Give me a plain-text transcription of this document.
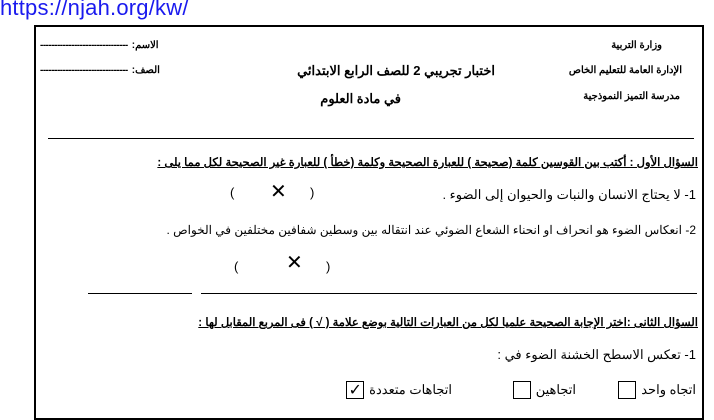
https://njah.org/kw/
وزارة التربية
الإدارة العامة للتعليم الخاص
مدرسة التميز النموذجية
اختبار تجريبي 2 للصف الرابع الابتدائي
في مادة العلوم
------------------------------- الاسم:
------------------------------- الصف:
السؤال الأول : أكتب بين القوسين كلمة (صحيحة ) للعبارة الصحيحة وكلمة (خطأ ) للعبارة غير الصحيحة لكل مما يلى :
1- لا يحتاج الانسان والنبات والحيوان إلى الضوء .
( ✕ )
2- انعكاس الضوء هو انحراف او انحناء الشعاع الضوئي عند انتقاله بين وسطين شفافين مختلفين في الخواص .
( ✕ )
السؤال الثانى :اختر الإجابة الصحيحة علميا لكل من العبارات التالية بوضع علامة ( √ ) فى المربع المقابل لها :
1- تعكس الاسطح الخشنة الضوء في :
اتجاه واحد
اتجاهين
✓ اتجاهات متعددة
